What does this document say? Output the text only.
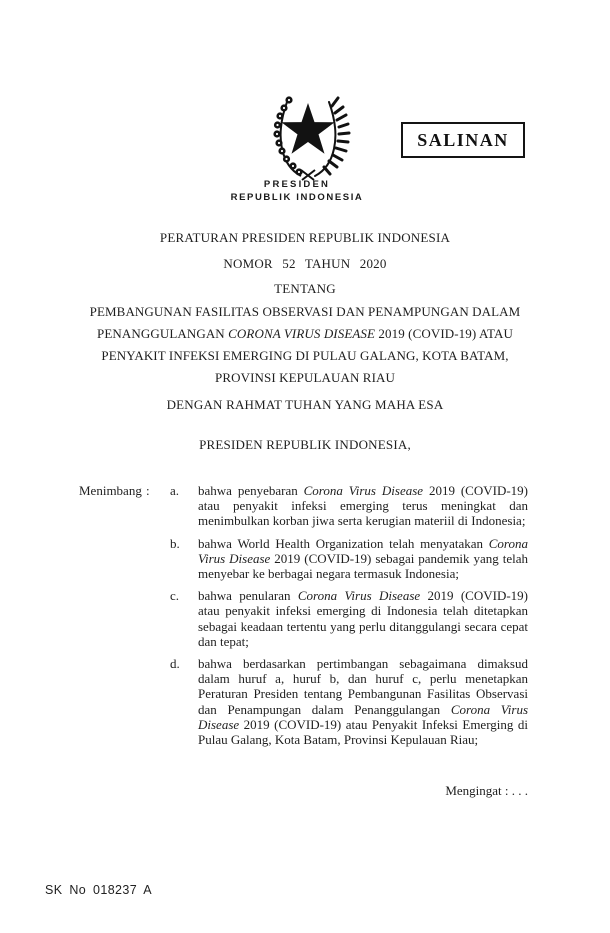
PRESIDEN
REPUBLIK INDONESIA
SALINAN
PERATURAN PRESIDEN REPUBLIK INDONESIA
NOMOR 52 TAHUN 2020
TENTANG
PEMBANGUNAN FASILITAS OBSERVASI DAN PENAMPUNGAN DALAM
PENANGGULANGAN CORONA VIRUS DISEASE 2019 (COVID-19) ATAU
PENYAKIT INFEKSI EMERGING DI PULAU GALANG, KOTA BATAM,
PROVINSI KEPULAUAN RIAU
DENGAN RAHMAT TUHAN YANG MAHA ESA
PRESIDEN REPUBLIK INDONESIA,
Menimbang :	a.	bahwa penyebaran Corona Virus Disease 2019 (COVID-19) atau penyakit infeksi emerging terus meningkat dan menimbulkan korban jiwa serta kerugian materiil di Indonesia;
b.	bahwa World Health Organization telah menyatakan Corona Virus Disease 2019 (COVID-19) sebagai pandemik yang telah menyebar ke berbagai negara termasuk Indonesia;
c.	bahwa penularan Corona Virus Disease 2019 (COVID-19) atau penyakit infeksi emerging di Indonesia telah ditetapkan sebagai keadaan tertentu yang perlu ditanggulangi secara cepat dan tepat;
d.	bahwa berdasarkan pertimbangan sebagaimana dimaksud dalam huruf a, huruf b, dan huruf c, perlu menetapkan Peraturan Presiden tentang Pembangunan Fasilitas Observasi dan Penampungan dalam Penanggulangan Corona Virus Disease 2019 (COVID-19) atau Penyakit Infeksi Emerging di Pulau Galang, Kota Batam, Provinsi Kepulauan Riau;
Mengingat : . . .
SK No 018237 A
